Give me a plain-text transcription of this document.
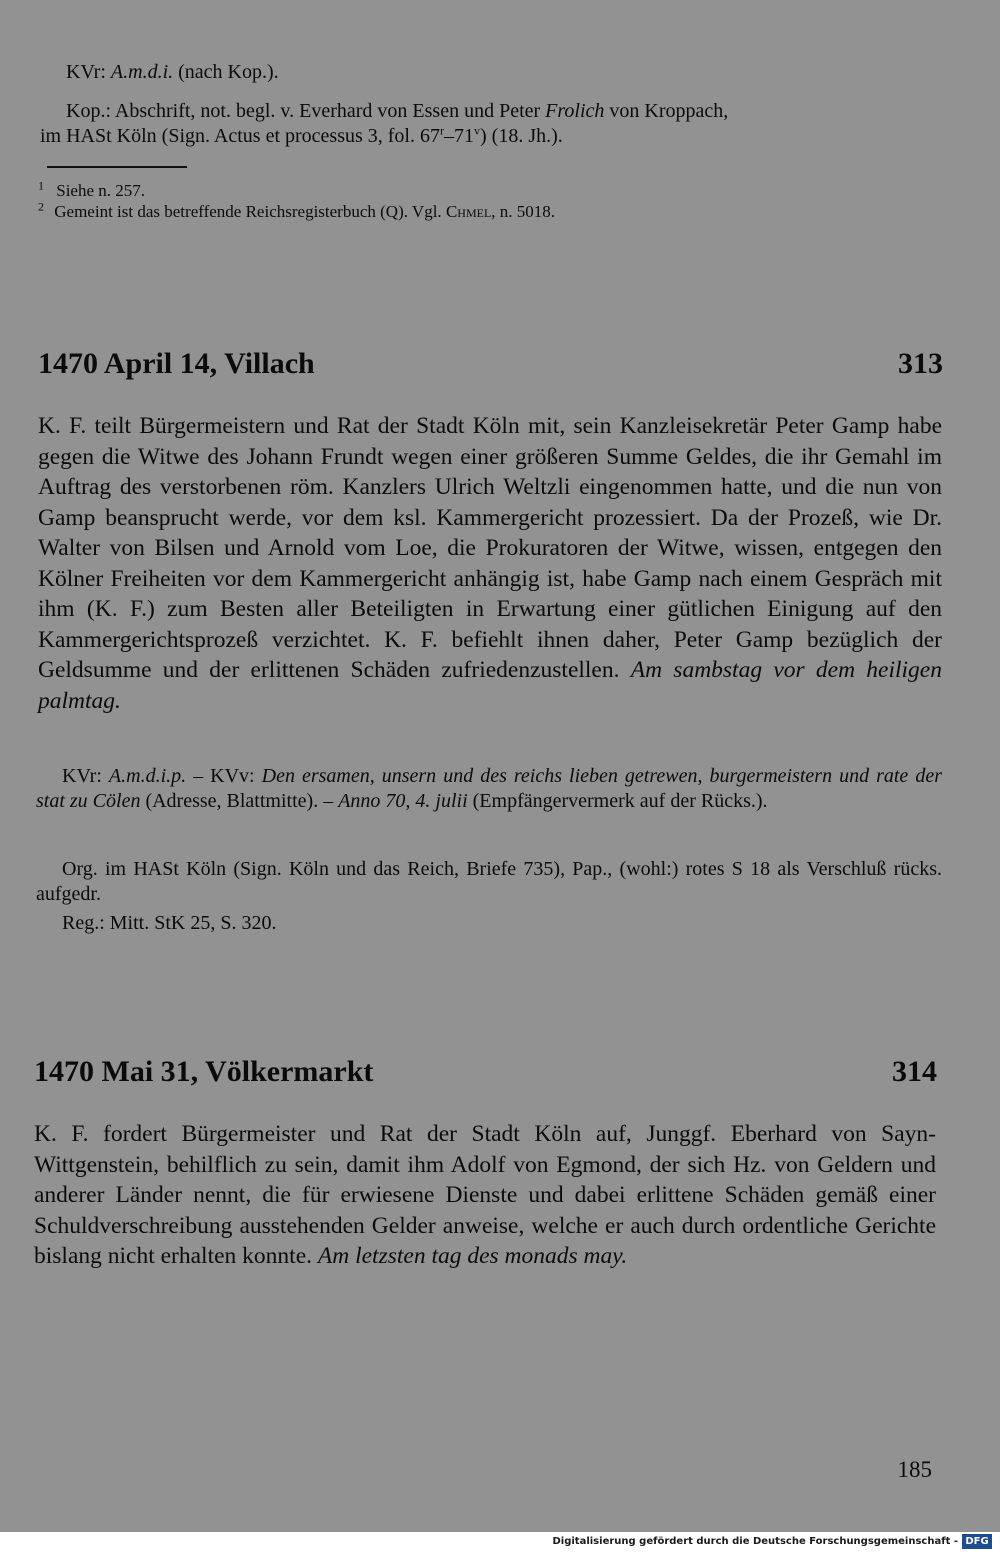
KVr: A.m.d.i. (nach Kop.).
Kop.: Abschrift, not. begl. v. Everhard von Essen und Peter Frolich von Kroppach,
im HASt Köln (Sign. Actus et processus 3, fol. 67$^r$–71$^v$) (18. Jh.).
$^1$ Siehe n. 257.
$^2$ Gemeint ist das betreffende Reichsregisterbuch (Q). Vgl. Chmel, n. 5018.
1470 April 14, Villach	313
K. F. teilt Bürgermeistern und Rat der Stadt Köln mit, sein Kanzleisekretär Peter Gamp habe gegen die Witwe des Johann Frundt wegen einer größeren Summe Geldes, die ihr Gemahl im Auftrag des verstorbenen röm. Kanzlers Ulrich Weltzli eingenommen hatte, und die nun von Gamp beansprucht werde, vor dem ksl. Kammergericht prozessiert. Da der Prozeß, wie Dr. Walter von Bilsen und Arnold vom Loe, die Prokuratoren der Witwe, wissen, entgegen den Kölner Freiheiten vor dem Kammergericht anhängig ist, habe Gamp nach einem Gespräch mit ihm (K. F.) zum Besten aller Beteiligten in Erwartung einer gütlichen Einigung auf den Kammergerichtsprozeß verzichtet. K. F. befiehlt ihnen daher, Peter Gamp bezüglich der Geldsumme und der erlittenen Schäden zufriedenzustellen. Am sambstag vor dem heiligen palmtag.
KVr: A.m.d.i.p. – KVv: Den ersamen, unsern und des reichs lieben getrewen, burgermeistern und rate der stat zu Cölen (Adresse, Blattmitte). – Anno 70, 4. julii (Empfängervermerk auf der Rücks.).
Org. im HASt Köln (Sign. Köln und das Reich, Briefe 735), Pap., (wohl:) rotes S 18 als Verschluß rücks. aufgedr.
Reg.: Mitt. StK 25, S. 320.
1470 Mai 31, Völkermarkt	314
K. F. fordert Bürgermeister und Rat der Stadt Köln auf, Junggf. Eberhard von Sayn-Wittgenstein, behilflich zu sein, damit ihm Adolf von Egmond, der sich Hz. von Geldern und anderer Länder nennt, die für erwiesene Dienste und dabei erlittene Schäden gemäß einer Schuldverschreibung ausstehenden Gelder anweise, welche er auch durch ordentliche Gerichte bislang nicht erhalten konnte. Am letzsten tag des monads may.
185
Digitalisierung gefördert durch die Deutsche Forschungsgemeinschaft - DFG
